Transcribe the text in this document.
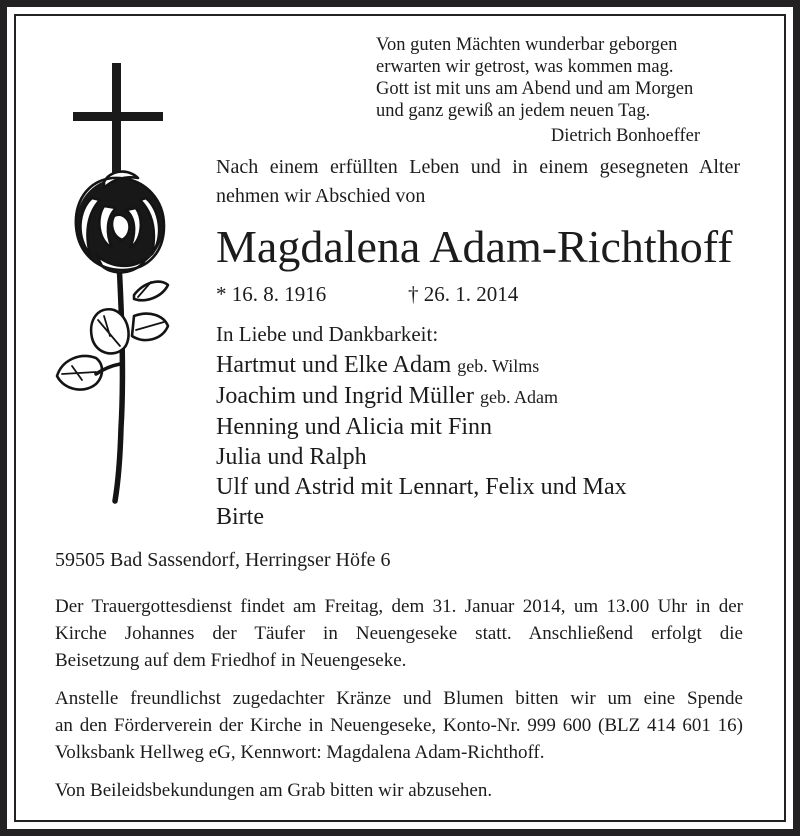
Von guten Mächten wunderbar geborgen
erwarten wir getrost, was kommen mag.
Gott ist mit uns am Abend und am Morgen
und ganz gewiß an jedem neuen Tag.
Dietrich Bonhoeffer
Nach einem erfüllten Leben und in einem gesegneten Alter
nehmen wir Abschied von
Magdalena Adam-Richthoff
* 16. 8. 1916	† 26. 1. 2014
In Liebe und Dankbarkeit:
Hartmut und Elke Adam geb. Wilms
Joachim und Ingrid Müller geb. Adam
Henning und Alicia mit Finn
Julia und Ralph
Ulf und Astrid mit Lennart, Felix und Max
Birte
59505 Bad Sassendorf, Herringser Höfe 6
Der Trauergottesdienst findet am Freitag, dem 31. Januar 2014, um 13.00 Uhr in der
Kirche Johannes der Täufer in Neuengeseke statt. Anschließend erfolgt die
Beisetzung auf dem Friedhof in Neuengeseke.
Anstelle freundlichst zugedachter Kränze und Blumen bitten wir um eine Spende
an den Förderverein der Kirche in Neuengeseke, Konto-Nr. 999 600 (BLZ 414 601 16)
Volksbank Hellweg eG, Kennwort: Magdalena Adam-Richthoff.
Von Beileidsbekundungen am Grab bitten wir abzusehen.
